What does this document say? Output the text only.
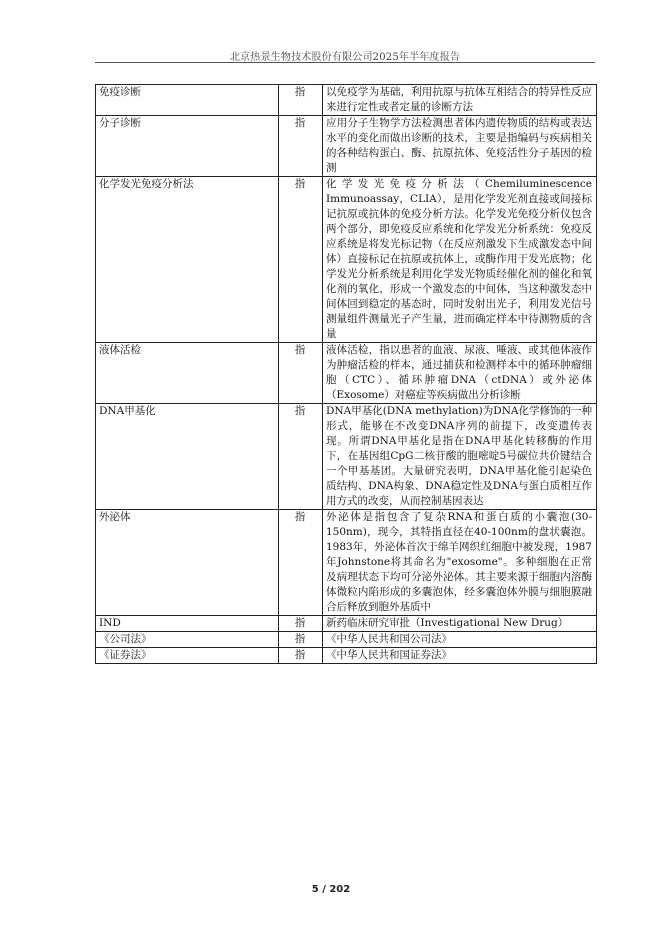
北京热景生物技术股份有限公司2025年半年度报告
免疫诊断	指	以免疫学为基础，利用抗原与抗体互相结合的特异性反应来进行定性或者定量的诊断方法
分子诊断	指	应用分子生物学方法检测患者体内遗传物质的结构或表达水平的变化而做出诊断的技术，主要是指编码与疾病相关的各种结构蛋白、酶、抗原抗体、免疫活性分子基因的检测
化学发光免疫分析法	指	化学发光免疫分析法（Chemiluminescence Immunoassay，CLIA），是用化学发光剂直接或间接标记抗原或抗体的免疫分析方法。化学发光免疫分析仪包含两个部分，即免疫反应系统和化学发光分析系统：免疫反应系统是将发光标记物（在反应剂激发下生成激发态中间体）直接标记在抗原或抗体上，或酶作用于发光底物；化学发光分析系统是利用化学发光物质经催化剂的催化和氧化剂的氧化，形成一个激发态的中间体，当这种激发态中间体回到稳定的基态时，同时发射出光子，利用发光信号测量组件测量光子产生量，进而确定样本中待测物质的含量
液体活检	指	液体活检，指以患者的血液、尿液、唾液、或其他体液作为肿瘤活检的样本，通过捕获和检测样本中的循环肿瘤细胞（CTC）、循环肿瘤DNA（ctDNA）或外泌体（Exosome）对癌症等疾病做出分析诊断
DNA甲基化	指	DNA甲基化(DNA methylation)为DNA化学修饰的一种形式，能够在不改变DNA序列的前提下，改变遗传表现。所谓DNA甲基化是指在DNA甲基化转移酶的作用下，在基因组CpG二核苷酸的胞嘧啶5号碳位共价键结合一个甲基基团。大量研究表明，DNA甲基化能引起染色质结构、DNA构象、DNA稳定性及DNA与蛋白质相互作用方式的改变，从而控制基因表达
外泌体	指	外泌体是指包含了复杂RNA和蛋白质的小囊泡(30-150nm)，现今，其特指直径在40-100nm的盘状囊泡。1983年，外泌体首次于绵羊网织红细胞中被发现，1987年Johnstone将其命名为"exosome"。多种细胞在正常及病理状态下均可分泌外泌体。其主要来源于细胞内溶酶体微粒内陷形成的多囊泡体，经多囊泡体外膜与细胞膜融合后释放到胞外基质中
IND	指	新药临床研究审批（Investigational New Drug）
《公司法》	指	《中华人民共和国公司法》
《证券法》	指	《中华人民共和国证券法》
5 / 202
